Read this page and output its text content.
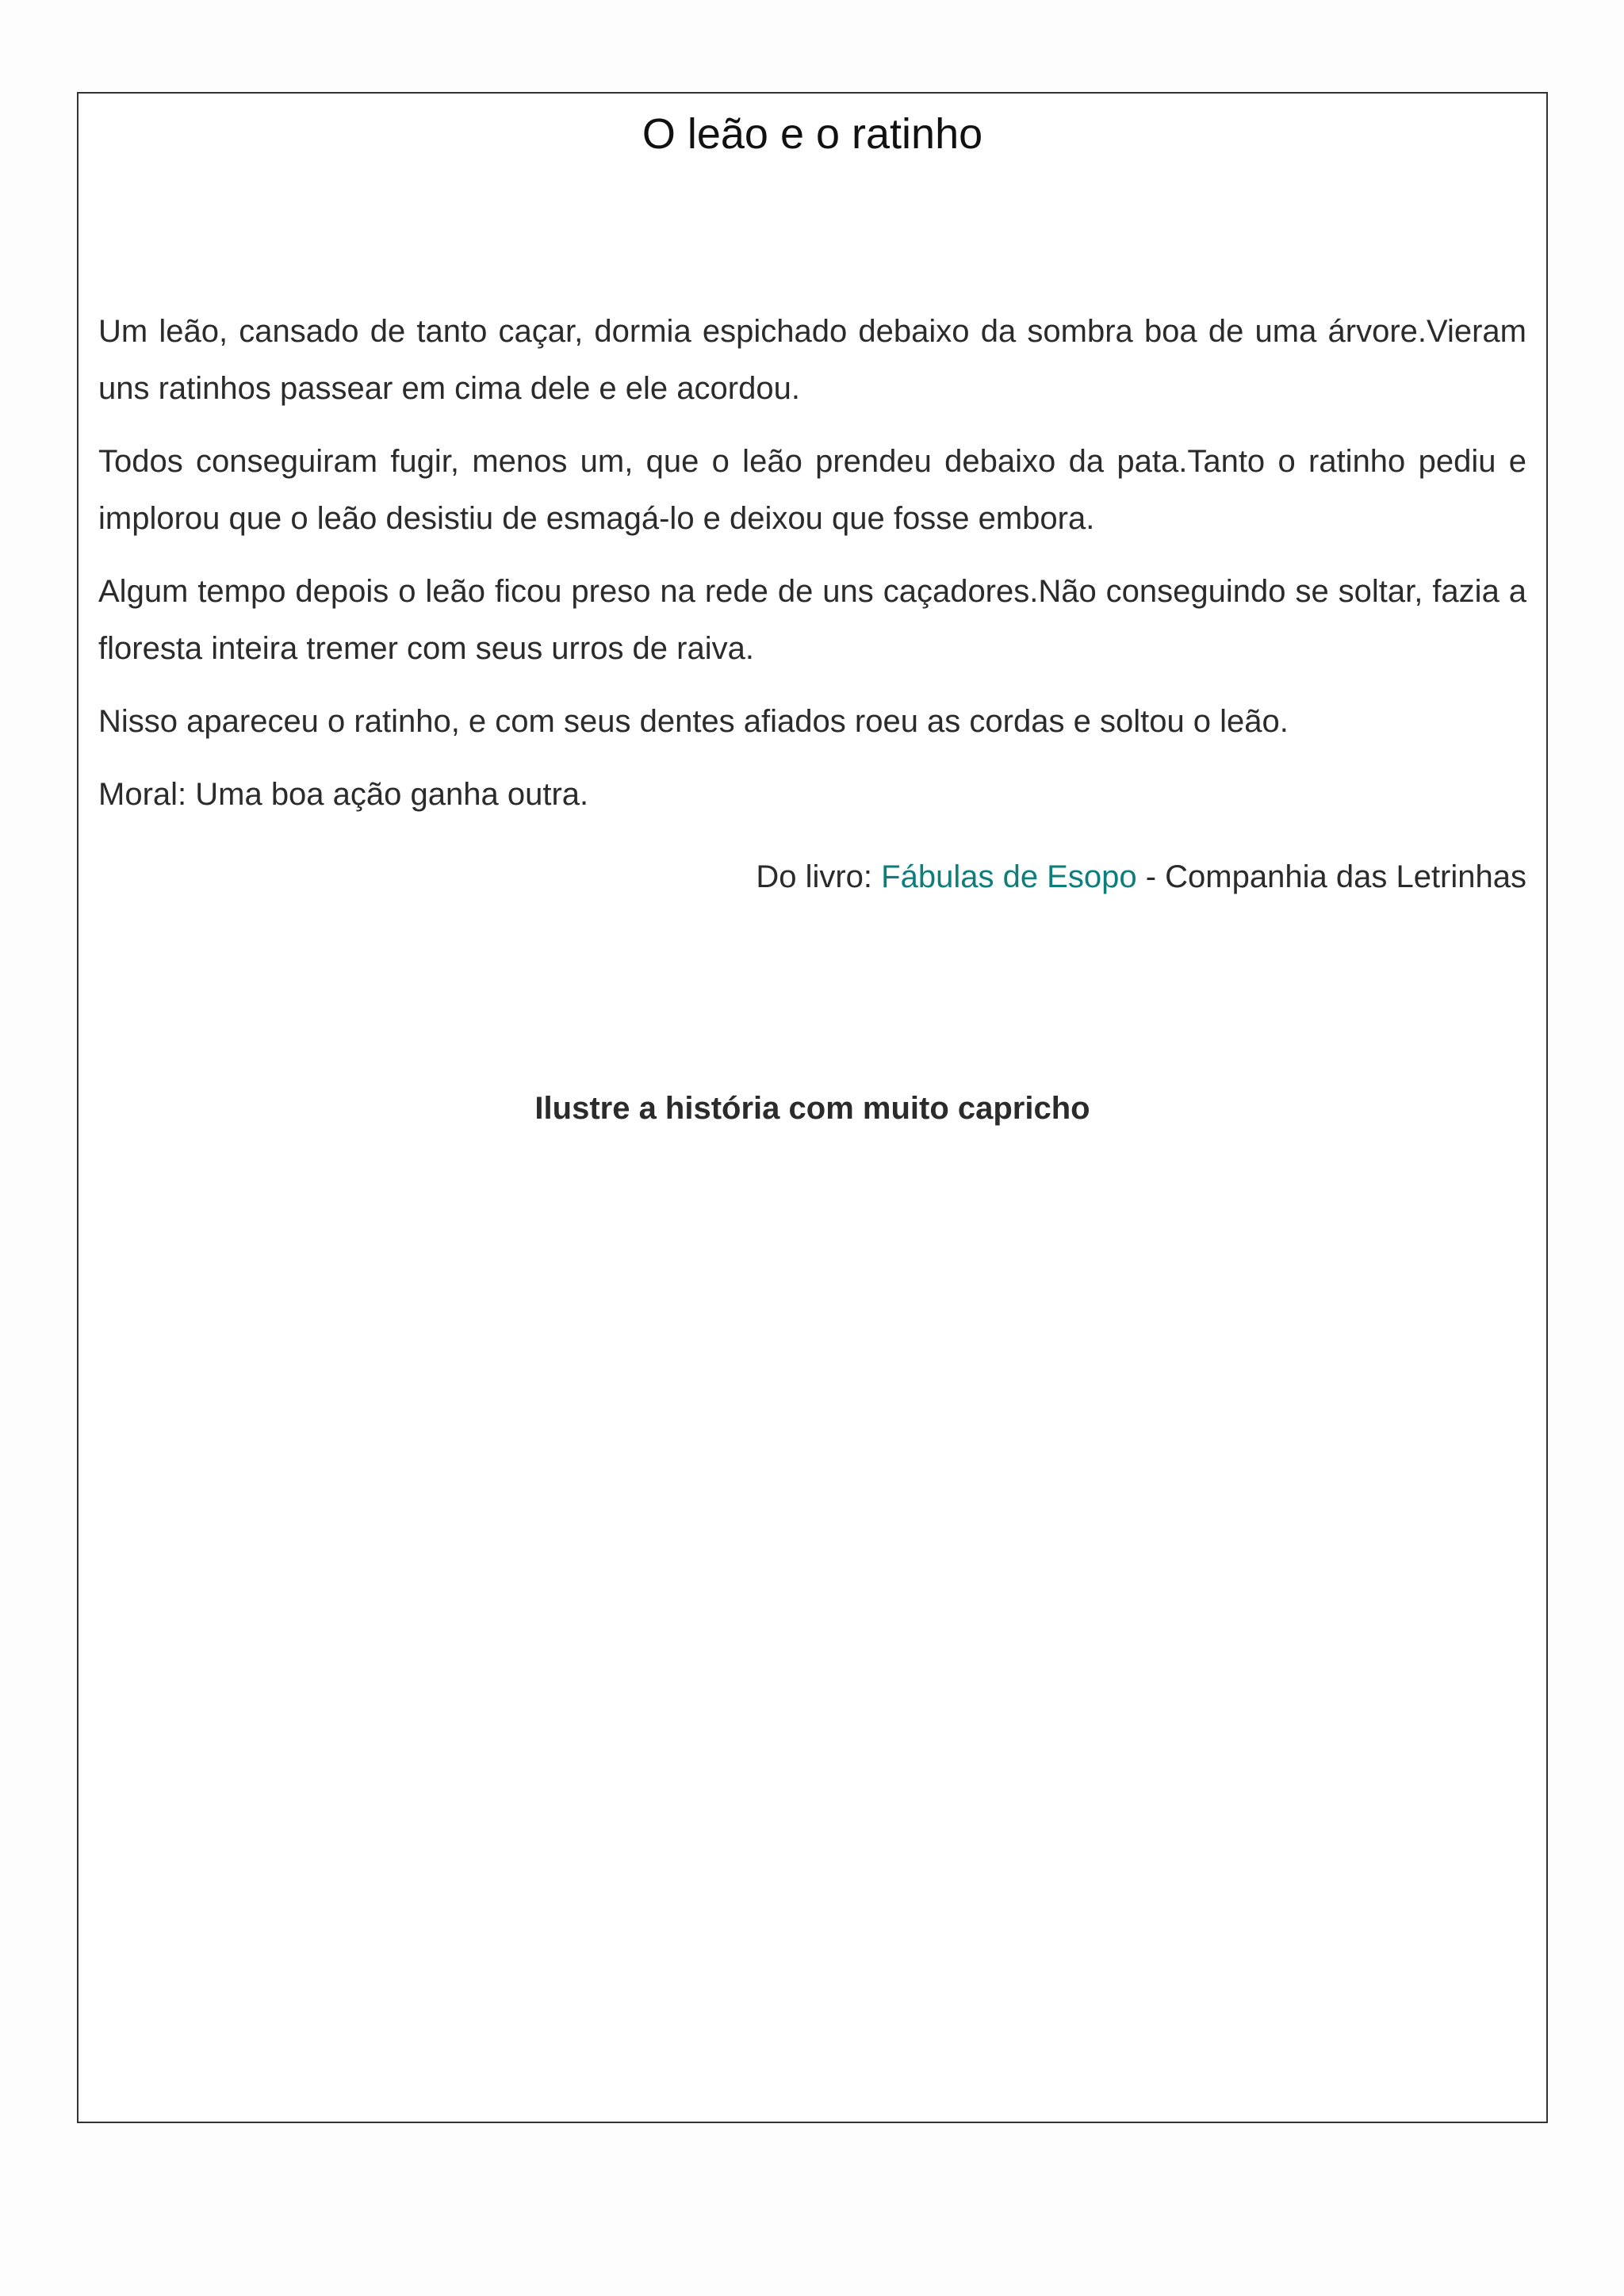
O leão e o ratinho

Um leão, cansado de tanto caçar, dormia espichado debaixo da sombra boa de uma árvore.Vieram uns ratinhos passear em cima dele e ele acordou.

Todos conseguiram fugir, menos um, que o leão prendeu debaixo da pata.Tanto o ratinho pediu e implorou que o leão desistiu de esmagá-lo e deixou que fosse embora.

Algum tempo depois o leão ficou preso na rede de uns caçadores.Não conseguindo se soltar, fazia a floresta inteira tremer com seus urros de raiva.

Nisso apareceu o ratinho, e com seus dentes afiados roeu as cordas e soltou o leão.

Moral: Uma boa ação ganha outra.

Do livro: Fábulas de Esopo - Companhia das Letrinhas
Ilustre a história com muito capricho
